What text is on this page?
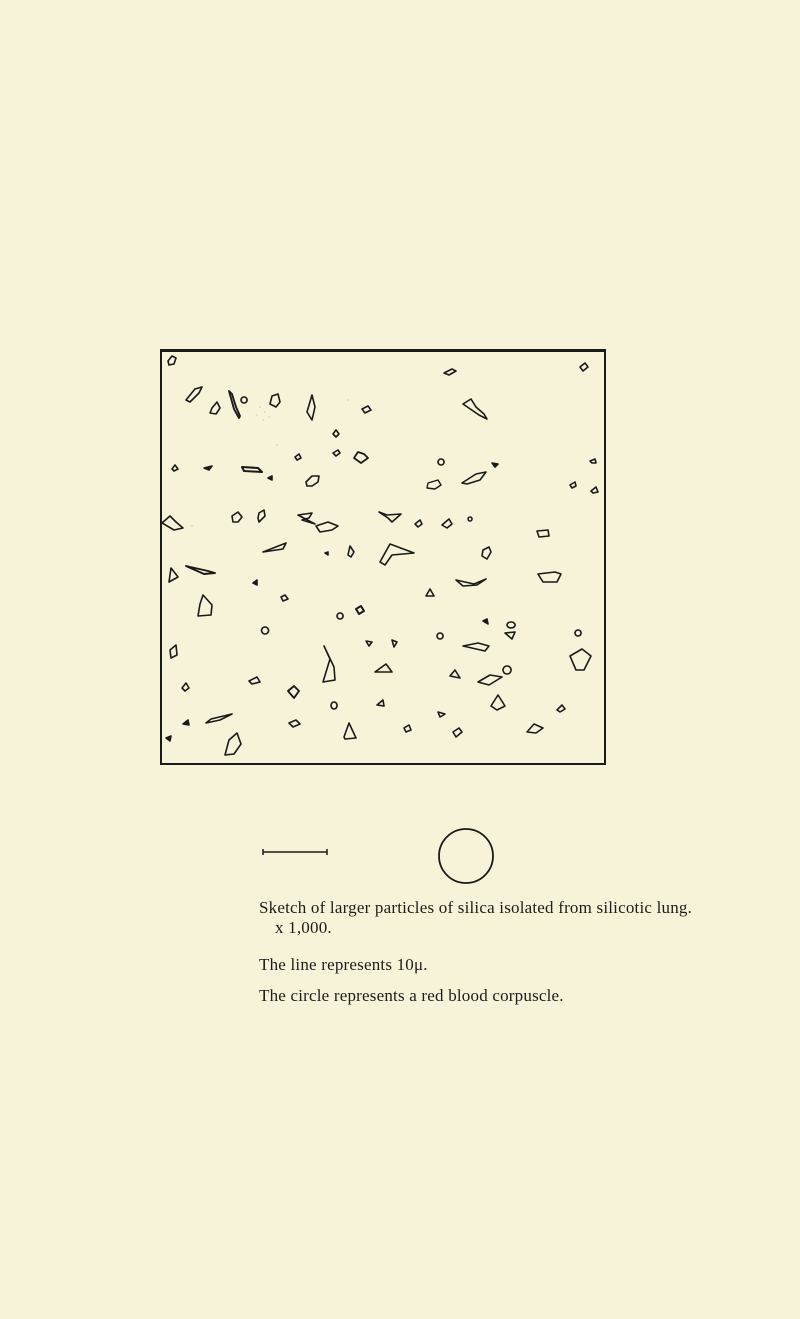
Sketch of larger particles of silica isolated from silicotic lung.
x 1,000.
The line represents 10μ.
The circle represents a red blood corpuscle.
